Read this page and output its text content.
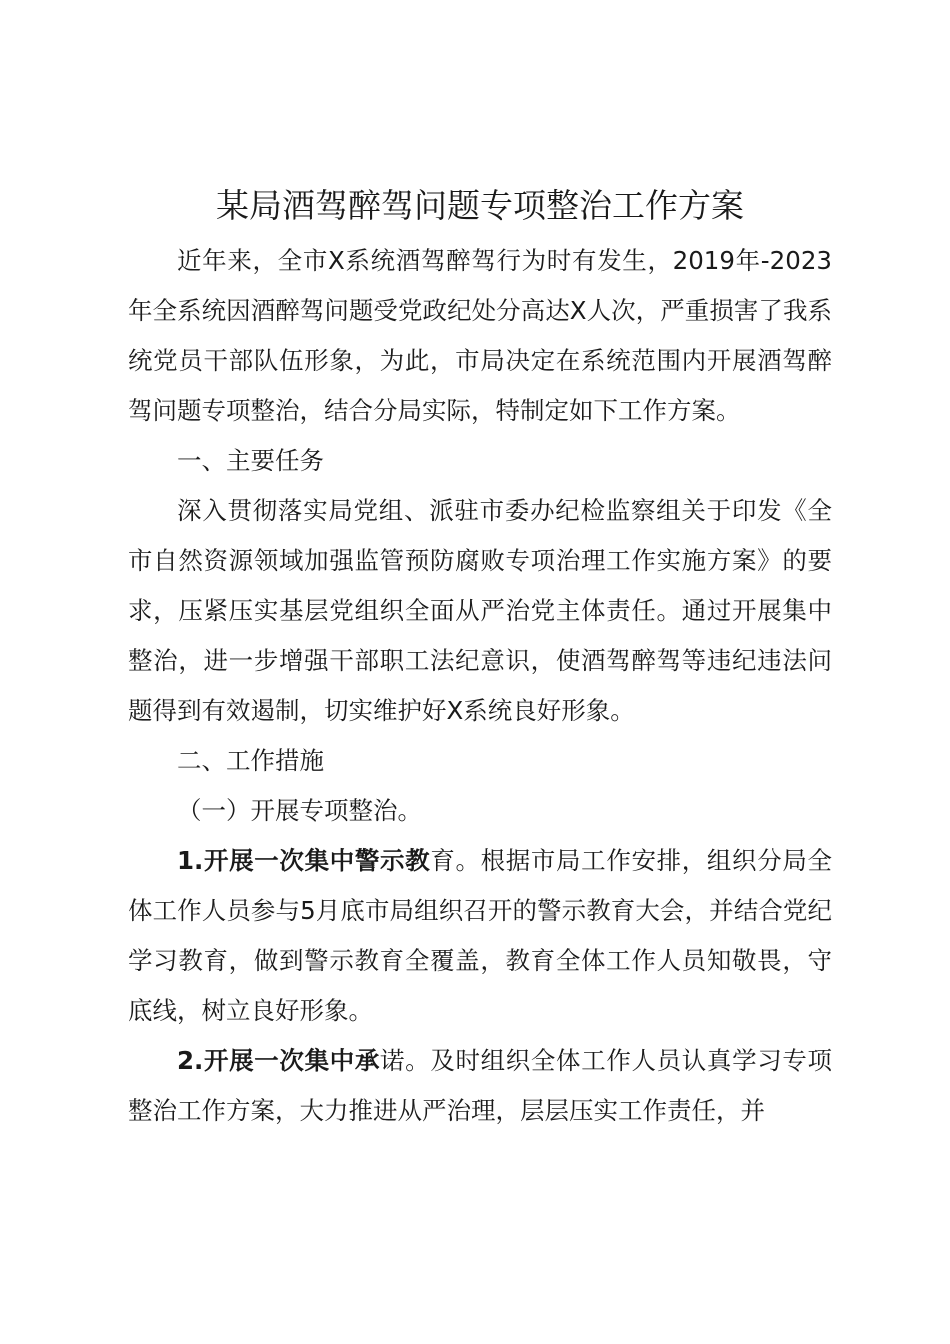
某局酒驾醉驾问题专项整治工作方案

近年来，全市X系统酒驾醉驾行为时有发生，2019年-2023年全系统因酒醉驾问题受党政纪处分高达X人次，严重损害了我系统党员干部队伍形象，为此，市局决定在系统范围内开展酒驾醉驾问题专项整治，结合分局实际，特制定如下工作方案。

一、主要任务

深入贯彻落实局党组、派驻市委办纪检监察组关于印发《全市自然资源领域加强监管预防腐败专项治理工作实施方案》的要求，压紧压实基层党组织全面从严治党主体责任。通过开展集中整治，进一步增强干部职工法纪意识，使酒驾醉驾等违纪违法问题得到有效遏制，切实维护好X系统良好形象。

二、工作措施

（一）开展专项整治。

1.开展一次集中警示教育。根据市局工作安排，组织分局全体工作人员参与5月底市局组织召开的警示教育大会，并结合党纪学习教育，做到警示教育全覆盖，教育全体工作人员知敬畏，守底线，树立良好形象。

2.开展一次集中承诺。及时组织全体工作人员认真学习专项整治工作方案，大力推进从严治理，层层压实工作责任，并
